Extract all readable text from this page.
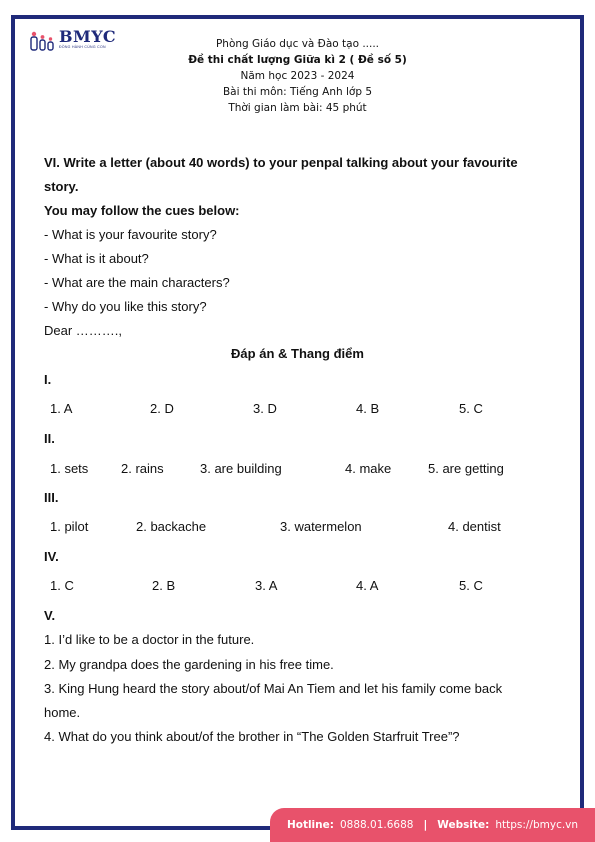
BMYC
ĐỒNG HÀNH CÙNG CON	Phòng Giáo dục và Đào tạo .....
Đề thi chất lượng Giữa kì 2 ( Đề số 5)
Năm học 2023 - 2024
Bài thi môn: Tiếng Anh lớp 5
Thời gian làm bài: 45 phút
VI. Write a letter (about 40 words) to your penpal talking about your favourite
story.
You may follow the cues below:
- What is your favourite story?
- What is it about?
- What are the main characters?
- Why do you like this story?
Dear ……….,
Đáp án & Thang điểm
I.
1. A	2. D	3. D	4. B	5. C
II.
1. sets	2. rains	3. are building	4. make	5. are getting
III.
1. pilot	2. backache	3. watermelon	4. dentist
IV.
1. C	2. B	3. A	4. A	5. C
V.
1. I’d like to be a doctor in the future.
2. My grandpa does the gardening in his free time.
3. King Hung heard the story about/of Mai An Tiem and let his family come back
home.
4. What do you think about/of the brother in “The Golden Starfruit Tree”?
Hotline: 0888.01.6688 | Website: https://bmyc.vn
